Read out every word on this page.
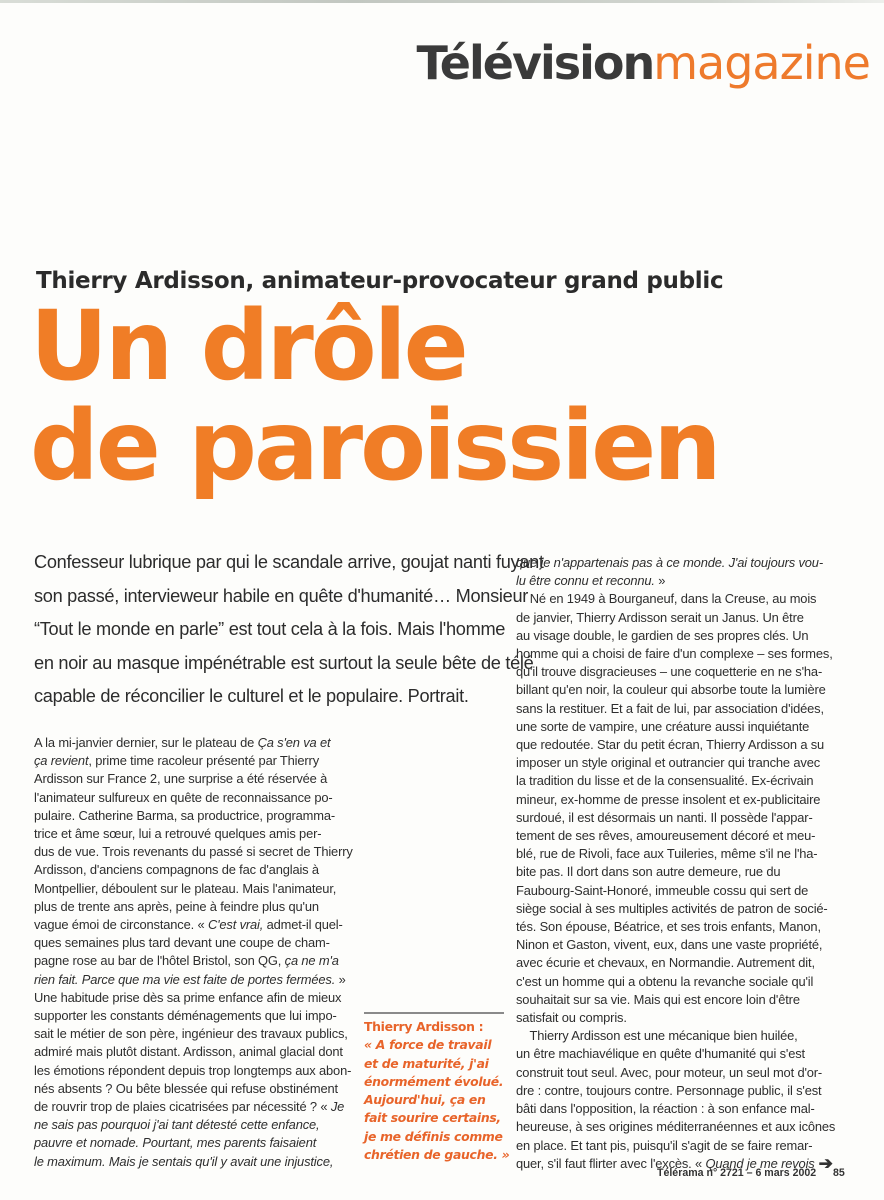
Télévisionmagazine
Thierry Ardisson, animateur-provocateur grand public
Un drôle
de paroissien
Confesseur lubrique par qui le scandale arrive, goujat nanti fuyant
son passé, intervieweur habile en quête d'humanité… Monsieur
“Tout le monde en parle” est tout cela à la fois. Mais l'homme
en noir au masque impénétrable est surtout la seule bête de télé
capable de réconcilier le culturel et le populaire. Portrait.
A la mi-janvier dernier, sur le plateau de Ça s'en va et
ça revient, prime time racoleur présenté par Thierry
Ardisson sur France 2, une surprise a été réservée à
l'animateur sulfureux en quête de reconnaissance po-
pulaire. Catherine Barma, sa productrice, programma-
trice et âme sœur, lui a retrouvé quelques amis per-
dus de vue. Trois revenants du passé si secret de Thierry
Ardisson, d'anciens compagnons de fac d'anglais à
Montpellier, déboulent sur le plateau. Mais l'animateur,
plus de trente ans après, peine à feindre plus qu'un
vague émoi de circonstance. « C'est vrai, admet-il quel-
ques semaines plus tard devant une coupe de cham-
pagne rose au bar de l'hôtel Bristol, son QG, ça ne m'a
rien fait. Parce que ma vie est faite de portes fermées. »
Une habitude prise dès sa prime enfance afin de mieux
supporter les constants déménagements que lui impo-
sait le métier de son père, ingénieur des travaux publics,
admiré mais plutôt distant. Ardisson, animal glacial dont
les émotions répondent depuis trop longtemps aux abon-
nés absents ? Ou bête blessée qui refuse obstinément
de rouvrir trop de plaies cicatrisées par nécessité ? « Je
ne sais pas pourquoi j'ai tant détesté cette enfance,
pauvre et nomade. Pourtant, mes parents faisaient
le maximum. Mais je sentais qu'il y avait une injustice,
que je n'appartenais pas à ce monde. J'ai toujours vou-
lu être connu et reconnu. »
Né en 1949 à Bourganeuf, dans la Creuse, au mois
de janvier, Thierry Ardisson serait un Janus. Un être
au visage double, le gardien de ses propres clés. Un
homme qui a choisi de faire d'un complexe – ses formes,
qu'il trouve disgracieuses – une coquetterie en ne s'ha-
billant qu'en noir, la couleur qui absorbe toute la lumière
sans la restituer. Et a fait de lui, par association d'idées,
une sorte de vampire, une créature aussi inquiétante
que redoutée. Star du petit écran, Thierry Ardisson a su
imposer un style original et outrancier qui tranche avec
la tradition du lisse et de la consensualité. Ex-écrivain
mineur, ex-homme de presse insolent et ex-publicitaire
surdoué, il est désormais un nanti. Il possède l'appar-
tement de ses rêves, amoureusement décoré et meu-
blé, rue de Rivoli, face aux Tuileries, même s'il ne l'ha-
bite pas. Il dort dans son autre demeure, rue du
Faubourg-Saint-Honoré, immeuble cossu qui sert de
siège social à ses multiples activités de patron de socié-
tés. Son épouse, Béatrice, et ses trois enfants, Manon,
Ninon et Gaston, vivent, eux, dans une vaste propriété,
avec écurie et chevaux, en Normandie. Autrement dit,
c'est un homme qui a obtenu la revanche sociale qu'il
souhaitait sur sa vie. Mais qui est encore loin d'être
satisfait ou compris.
Thierry Ardisson est une mécanique bien huilée,
un être machiavélique en quête d'humanité qui s'est
construit tout seul. Avec, pour moteur, un seul mot d'or-
dre : contre, toujours contre. Personnage public, il s'est
bâti dans l'opposition, la réaction : à son enfance mal-
heureuse, à ses origines méditerranéennes et aux icônes
en place. Et tant pis, puisqu'il s'agit de se faire remar-
quer, s'il faut flirter avec l'excès. « Quand je me revois ➔
Thierry Ardisson :
« A force de travail
et de maturité, j'ai
énormément évolué.
Aujourd'hui, ça en
fait sourire certains,
je me définis comme
chrétien de gauche. »
Télérama n° 2721 – 6 mars 2002 85
